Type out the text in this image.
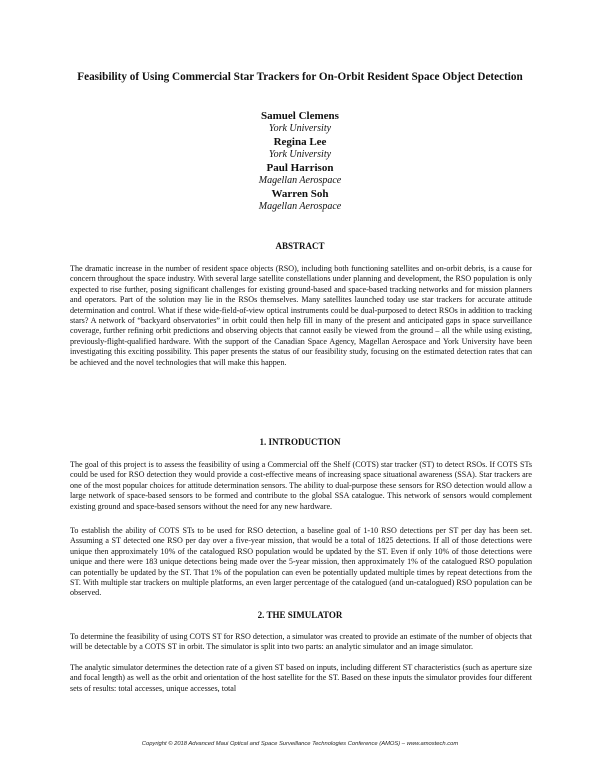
Feasibility of Using Commercial Star Trackers for On-Orbit Resident Space Object Detection
Samuel Clemens
York University
Regina Lee
York University
Paul Harrison
Magellan Aerospace
Warren Soh
Magellan Aerospace
ABSTRACT

The dramatic increase in the number of resident space objects (RSO), including both functioning satellites and on-orbit debris, is a cause for concern throughout the space industry. With several large satellite constellations under planning and development, the RSO population is only expected to rise further, posing significant challenges for existing ground-based and space-based tracking networks and for mission planners and operators. Part of the solution may lie in the RSOs themselves. Many satellites launched today use star trackers for accurate attitude determination and control. What if these wide-field-of-view optical instruments could be dual-purposed to detect RSOs in addition to tracking stars? A network of “backyard observatories” in orbit could then help fill in many of the present and anticipated gaps in space surveillance coverage, further refining orbit predictions and observing objects that cannot easily be viewed from the ground – all the while using existing, previously-flight-qualified hardware. With the support of the Canadian Space Agency, Magellan Aerospace and York University have been investigating this exciting possibility. This paper presents the status of our feasibility study, focusing on the estimated detection rates that can be achieved and the novel technologies that will make this happen.

1. INTRODUCTION

The goal of this project is to assess the feasibility of using a Commercial off the Shelf (COTS) star tracker (ST) to detect RSOs. If COTS STs could be used for RSO detection they would provide a cost-effective means of increasing space situational awareness (SSA). Star trackers are one of the most popular choices for attitude determination sensors. The ability to dual-purpose these sensors for RSO detection would allow a large network of space-based sensors to be formed and contribute to the global SSA catalogue. This network of sensors would complement existing ground and space-based sensors without the need for any new hardware.

To establish the ability of COTS STs to be used for RSO detection, a baseline goal of 1-10 RSO detections per ST per day has been set. Assuming a ST detected one RSO per day over a five-year mission, that would be a total of 1825 detections. If all of those detections were unique then approximately 10% of the catalogued RSO population would be updated by the ST. Even if only 10% of those detections were unique and there were 183 unique detections being made over the 5-year mission, then approximately 1% of the catalogued RSO population can potentially be updated by the ST. That 1% of the population can even be potentially updated multiple times by repeat detections from the ST. With multiple star trackers on multiple platforms, an even larger percentage of the catalogued (and un-catalogued) RSO population can be observed.

2. THE SIMULATOR

To determine the feasibility of using COTS ST for RSO detection, a simulator was created to provide an estimate of the number of objects that will be detectable by a COTS ST in orbit. The simulator is split into two parts: an analytic simulator and an image simulator.

The analytic simulator determines the detection rate of a given ST based on inputs, including different ST characteristics (such as aperture size and focal length) as well as the orbit and orientation of the host satellite for the ST. Based on these inputs the simulator provides four different sets of results: total accesses, unique accesses, total

Copyright © 2018 Advanced Maui Optical and Space Surveillance Technologies Conference (AMOS) – www.amostech.com
